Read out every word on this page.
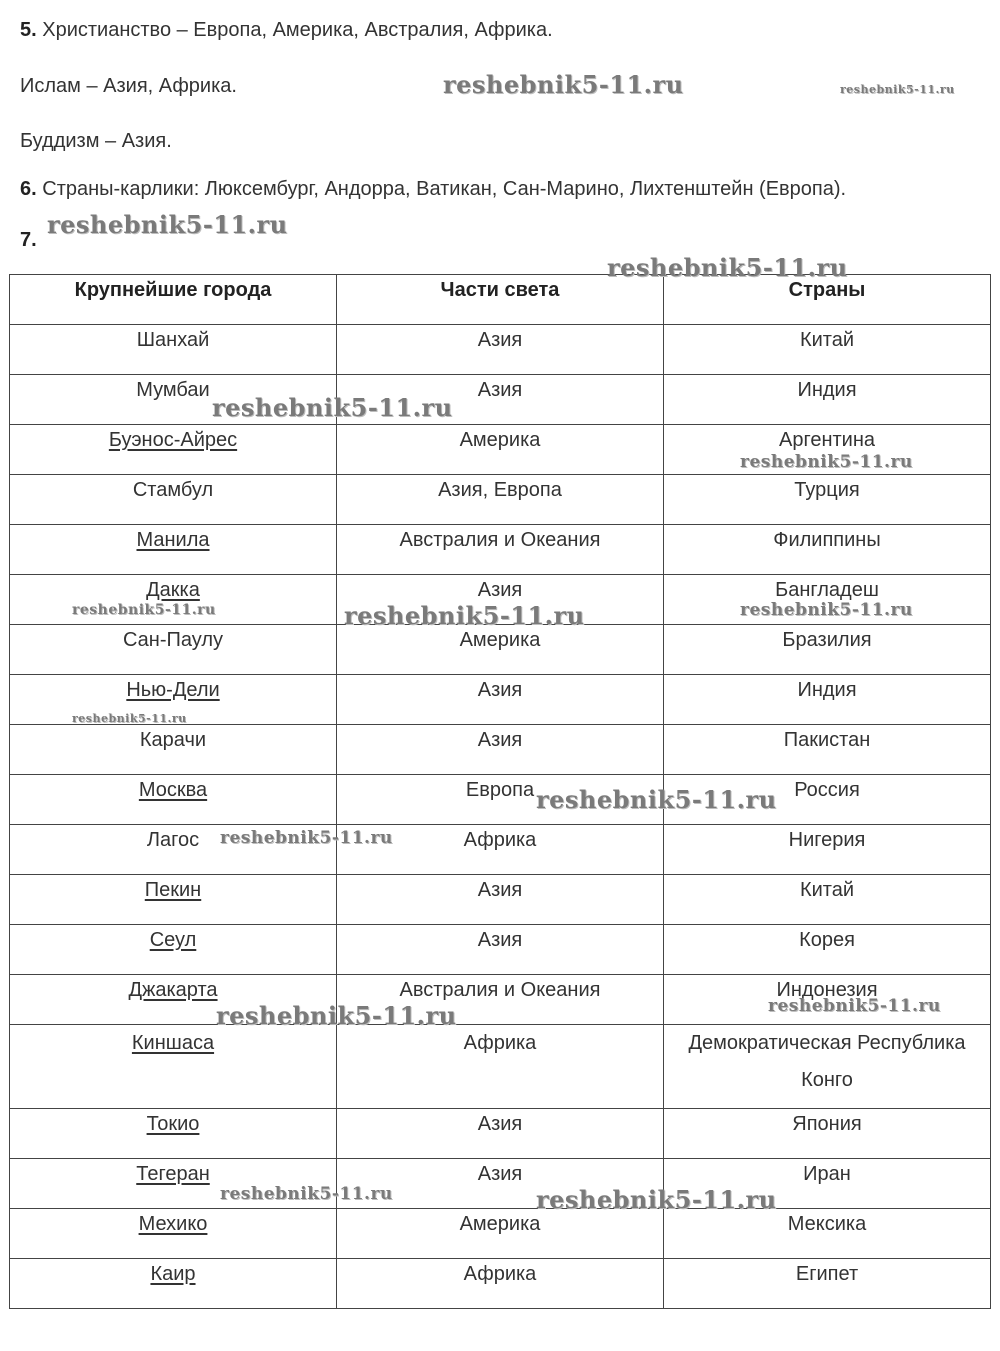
5. Христианство – Европа, Америка, Австралия, Африка.
Ислам – Азия, Африка.
Буддизм – Азия.
6. Страны-карлики: Люксембург, Андорра, Ватикан, Сан-Марино, Лихтенштейн (Европа).
7.
Крупнейшие города	Части света	Страны
Шанхай	Азия	Китай
Мумбаи	Азия	Индия
Буэнос-Айрес	Америка	Аргентина
Стамбул	Азия, Европа	Турция
Манила	Австралия и Океания	Филиппины
Дакка	Азия	Бангладеш
Сан-Паулу	Америка	Бразилия
Нью-Дели	Азия	Индия
Карачи	Азия	Пакистан
Москва	Европа	Россия
Лагос	Африка	Нигерия
Пекин	Азия	Китай
Сеул	Азия	Корея
Джакарта	Австралия и Океания	Индонезия
Киншаса	Африка	Демократическая Республика Конго
Токио	Азия	Япония
Тегеран	Азия	Иран
Мехико	Америка	Мексика
Каир	Африка	Египет
reshebnik5-11.ru	reshebnik5-11.ru
reshebnik5-11.ru
reshebnik5-11.ru
reshebnik5-11.ru
reshebnik5-11.ru
reshebnik5-11.ru	reshebnik5-11.ru	reshebnik5-11.ru
reshebnik5-11.ru
reshebnik5-11.ru
reshebnik5-11.ru
reshebnik5-11.ru
reshebnik5-11.ru
reshebnik5-11.ru	reshebnik5-11.ru
